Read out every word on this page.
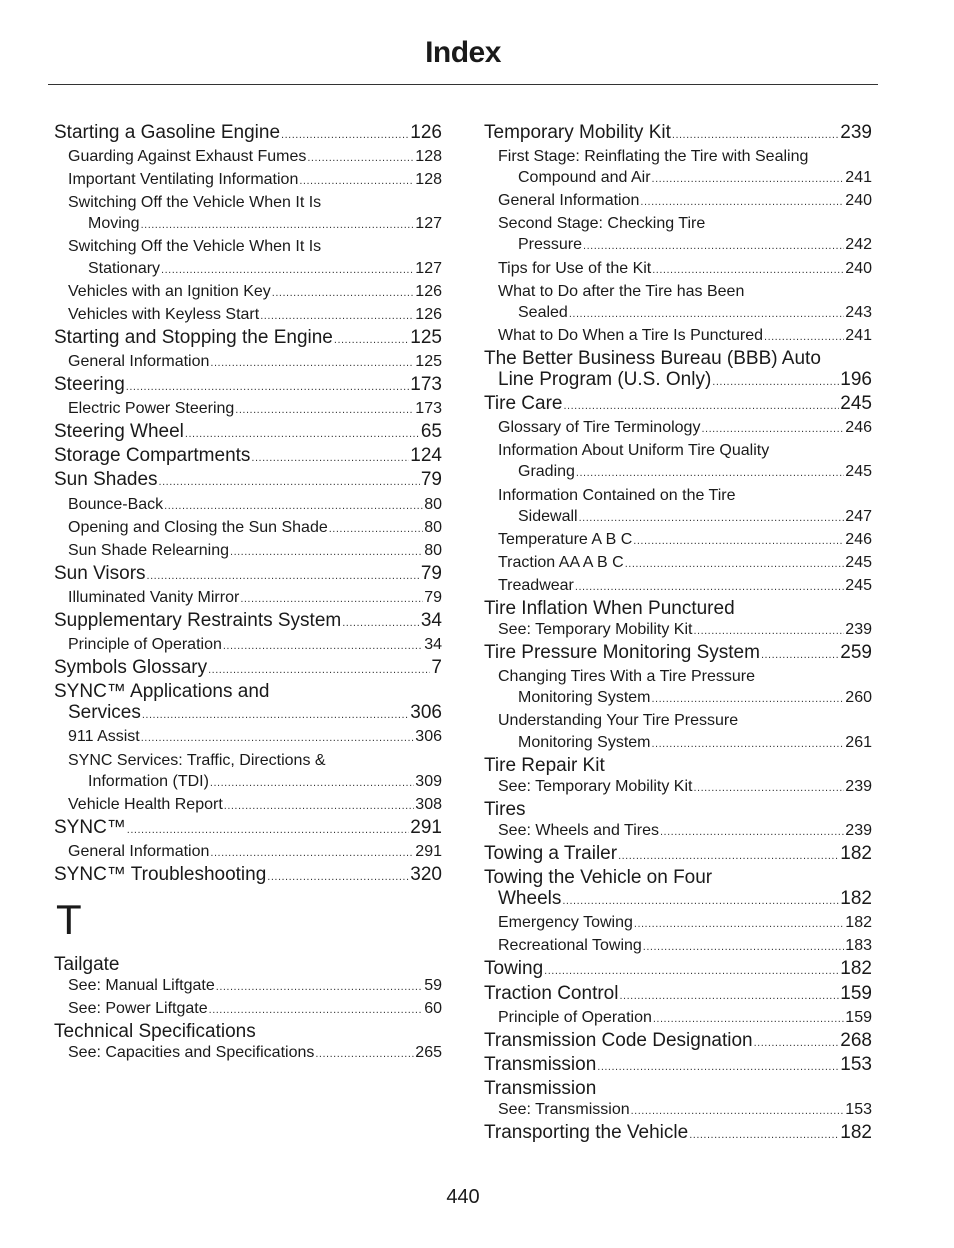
Index
Starting a Gasoline Engine .....	126
Guarding Against Exhaust Fumes .....	128
Important Ventilating Information .....	128
Switching Off the Vehicle When It Is
Moving .....	127
Switching Off the Vehicle When It Is
Stationary .....	127
Vehicles with an Ignition Key .....	126
Vehicles with Keyless Start .....	126
Starting and Stopping the Engine .....	125
General Information .....	125
Steering .....	173
Electric Power Steering .....	173
Steering Wheel .....	65
Storage Compartments .....	124
Sun Shades .....	79
Bounce-Back .....	80
Opening and Closing the Sun Shade .....	80
Sun Shade Relearning .....	80
Sun Visors .....	79
Illuminated Vanity Mirror .....	79
Supplementary Restraints System .....	34
Principle of Operation .....	34
Symbols Glossary .....	7
SYNC™ Applications and
Services .....	306
911 Assist .....	306
SYNC Services: Traffic, Directions &
Information (TDI) .....	309
Vehicle Health Report .....	308
SYNC™ .....	291
General Information .....	291
SYNC™ Troubleshooting .....	320
T
Tailgate
See: Manual Liftgate .....	59
See: Power Liftgate .....	60
Technical Specifications
See: Capacities and Specifications .....	265
Temporary Mobility Kit .....	239
First Stage: Reinflating the Tire with Sealing
Compound and Air .....	241
General Information .....	240
Second Stage: Checking Tire
Pressure .....	242
Tips for Use of the Kit .....	240
What to Do after the Tire has Been
Sealed .....	243
What to Do When a Tire Is Punctured .....	241
The Better Business Bureau (BBB) Auto
Line Program (U.S. Only) .....	196
Tire Care .....	245
Glossary of Tire Terminology .....	246
Information About Uniform Tire Quality
Grading .....	245
Information Contained on the Tire
Sidewall .....	247
Temperature A B C .....	246
Traction AA A B C .....	245
Treadwear .....	245
Tire Inflation When Punctured
See: Temporary Mobility Kit .....	239
Tire Pressure Monitoring System .....	259
Changing Tires With a Tire Pressure
Monitoring System .....	260
Understanding Your Tire Pressure
Monitoring System .....	261
Tire Repair Kit
See: Temporary Mobility Kit .....	239
Tires
See: Wheels and Tires .....	239
Towing a Trailer .....	182
Towing the Vehicle on Four
Wheels .....	182
Emergency Towing .....	182
Recreational Towing .....	183
Towing .....	182
Traction Control .....	159
Principle of Operation .....	159
Transmission Code Designation .....	268
Transmission .....	153
Transmission
See: Transmission .....	153
Transporting the Vehicle .....	182
440
